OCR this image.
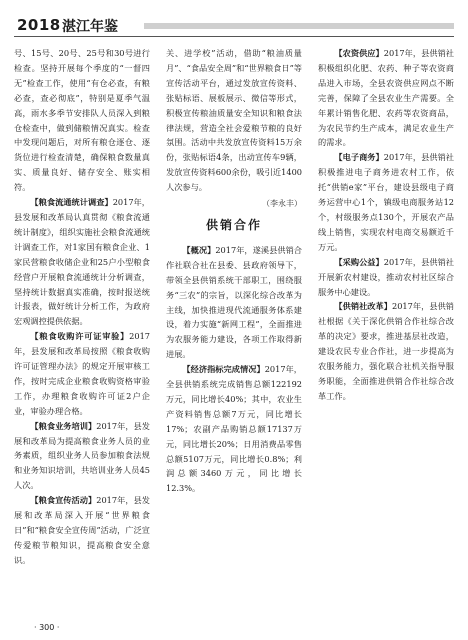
2018 湛江年鉴

号、15号、20号、25号和30号进行检查。坚持开展每个季度的“一督四无”检查工作，使用“有仓必查，有粮必查，查必彻底”，特别是夏季气温高，雨水多季节安排队人员深入到粮仓检查中，做到储粮情况真实。检查中发现问题后，对所有粮仓逐仓、逐货位进行检查清楚，确保粮食数量真实、质量良好、储存安全、账实相符。

【粮食流通统计调查】2017年，县发展和改革局认真贯彻《粮食流通统计制度》，组织实施社会粮食流通统计调查工作，对1家国有粮食企业、1家民营粮食收储企业和25户小型粮食经营户开展粮食流通统计分析调查，坚持统计数据真实准确，按时报送统计报表，做好统计分析工作，为政府宏观调控提供依据。

【粮食收购许可证审验】2017年，县发展和改革局按照《粮食收购许可证管理办法》的规定开展审核工作，按时完成企业粮食收购资格审验工作，办理粮食收购许可证2户企业，审验办理合格。

【粮食业务培训】2017年，县发展和改革局为提高粮食业务人员的业务素质，组织业务人员参加粮食法规和业务知识培训，共培训业务人员45人次。

【粮食宣传活动】2017年，县发展和改革局深入开展“世界粮食日”和“粮食安全宣传周”活动，广泛宣传爱粮节粮知识，提高粮食安全意识。

关、进学校”活动，借助“粮油质量月”、“食品安全周”和“世界粮食日”等宣传活动平台，通过发放宣传资料、张贴标语、展板展示、微信等形式，积极宣传粮油质量安全知识和粮食法律法规，营造全社会爱粮节粮的良好氛围。活动中共发放宣传资料15万余份，张贴标语4条，出动宣传车9辆，发放宣传资料600余份，吸引近1400人次参与。

（李永丰）
供销合作

【概况】2017年，遂溪县供销合作社联合社在县委、县政府领导下，带领全县供销系统干部职工，围绕服务“三农”的宗旨，以深化综合改革为主线，加快推进现代流通服务体系建设，着力实施“新网工程”，全面推进为农服务能力建设，各项工作取得新进展。

【经济指标完成情况】2017年，全县供销系统完成销售总额122192万元，同比增长40%；其中，农业生产资料销售总额7万元，同比增长17%；农副产品购销总额17137万元，同比增长20%；日用消费品零售总额5107万元，同比增长0.8%；利润总额3460万元，同比增长12.3%。

【农资供应】2017年，县供销社积极组织化肥、农药、种子等农资商品进入市场，全县农资供应网点不断完善，保障了全县农业生产需要。全年累计销售化肥、农药等农资商品，为农民节约生产成本，满足农业生产的需求。

【电子商务】2017年，县供销社积极推进电子商务进农村工作，依托“供销e家”平台，建设县级电子商务运营中心1个，镇级电商服务站12个，村级服务点130个，开展农产品线上销售，实现农村电商交易额近千万元。

【采购公益】2017年，县供销社开展新农村建设，推动农村社区综合服务中心建设。

【供销社改革】2017年，县供销社根据《关于深化供销合作社综合改革的决定》要求，推进基层社改造，建设农民专业合作社，进一步提高为农服务能力，强化联合社机关指导服务职能，全面推进供销合作社综合改革工作。

· 300 ·
